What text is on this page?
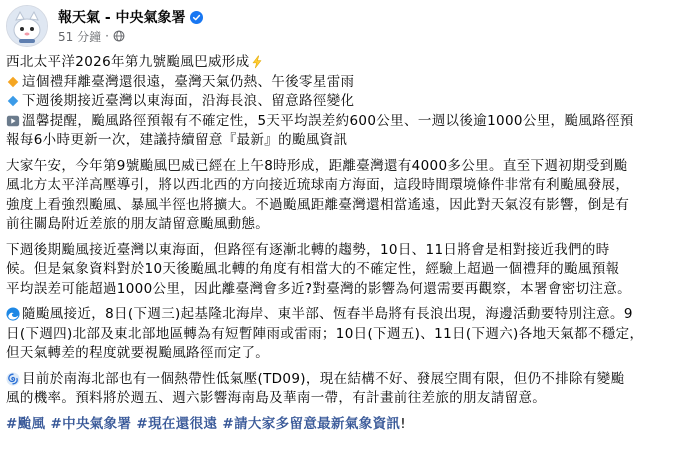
報天氣 - 中央氣象署
51 分鐘 ·

西北太平洋2026年第九號颱風巴威形成

這個禮拜離臺灣還很遠，臺灣天氣仍熱、午後零星雷雨
下週後期接近臺灣以東海面，沿海長浪、留意路徑變化
溫馨提醒，颱風路徑預報有不確定性，5天平均誤差約600公里、一週以後逾1000公里，颱風路徑預
報每6小時更新一次，建議持續留意『最新』的颱風資訊
大家午安，今年第9號颱風巴威已經在上午8時形成，距離臺灣還有4000多公里。直至下週初期受到颱
風北方太平洋高壓導引，將以西北西的方向接近琉球南方海面，這段時間環境條件非常有利颱風發展，
強度上看強烈颱風、暴風半徑也將擴大。不過颱風距離臺灣還相當遙遠，因此對天氣沒有影響，倒是有
前往關島附近差旅的朋友請留意颱風動態。
下週後期颱風接近臺灣以東海面，但路徑有逐漸北轉的趨勢，10日、11日將會是相對接近我們的時
候。但是氣象資料對於10天後颱風北轉的角度有相當大的不確定性，經驗上超過一個禮拜的颱風預報
平均誤差可能超過1000公里，因此離臺灣會多近?對臺灣的影響為何還需要再觀察，本署會密切注意。
隨颱風接近，8日(下週三)起基隆北海岸、東半部、恆春半島將有長浪出現，海邊活動要特別注意。9
日(下週四)北部及東北部地區轉為有短暫陣雨或雷雨；10日(下週五)、11日(下週六)各地天氣都不穩定，
但天氣轉差的程度就要視颱風路徑而定了。
目前於南海北部也有一個熱帶性低氣壓(TD09)，現在結構不好、發展空間有限，但仍不排除有變颱
風的機率。預料將於週五、週六影響海南島及華南一帶，有計畫前往差旅的朋友請留意。
#颱風 #中央氣象署 #現在還很遠 #請大家多留意最新氣象資訊!
